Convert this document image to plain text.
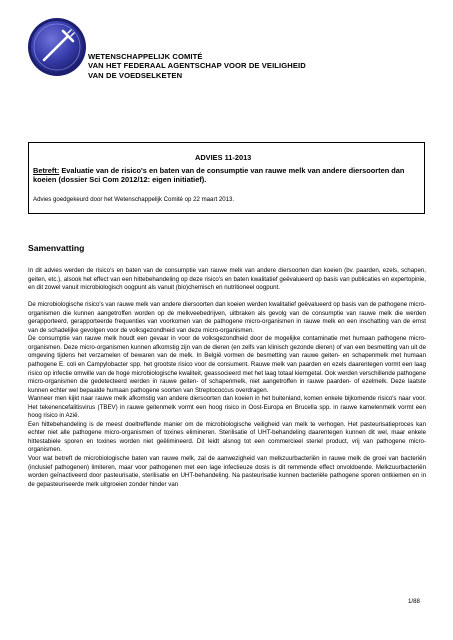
WETENSCHAPPELIJK COMITÉ
VAN HET FEDERAAL AGENTSCHAP VOOR DE VEILIGHEID
VAN DE VOEDSELKETEN
ADVIES 11-2013
Betreft: Evaluatie van de risico's en baten van de consumptie van rauwe melk van andere diersoorten dan koeien (dossier Sci Com 2012/12: eigen initiatief).
Advies goedgekeurd door het Wetenschappelijk Comité op 22 maart 2013.
Samenvatting

In dit advies werden de risico's en baten van de consumptie van rauwe melk van andere diersoorten dan koeien (bv. paarden, ezels, schapen, geiten, etc.), alsook het effect van een hittebehandeling op deze risico's en baten kwalitatief geëvalueerd op basis van publicaties en expertopinie, en dit zowel vanuit microbiologisch oogpunt als vanuit (bio)chemisch en nutritioneel oogpunt.

De microbiologische risico's van rauwe melk van andere diersoorten dan koeien werden kwalitatief geëvalueerd op basis van de pathogene micro-organismen die kunnen aangetroffen worden op de melkveebedrijven, uitbraken als gevolg van de consumptie van rauwe melk die werden gerapporteerd, gerapporteerde frequenties van voorkomen van de pathogene micro-organismen in rauwe melk en een inschatting van de ernst van de schadelijke gevolgen voor de volksgezondheid van deze micro-organismen.

De consumptie van rauwe melk houdt een gevaar in voor de volksgezondheid door de mogelijke contaminatie met humaan pathogene micro-organismen. Deze micro-organismen kunnen afkomstig zijn van de dieren (en zelfs van klinisch gezonde dieren) of van een besmetting van uit de omgeving tijdens het verzamelen of bewaren van de melk. In België vormen de besmetting van rauwe geiten- en schapenmelk met humaan pathogene E. coli en Campylobacter spp. het grootste risico voor de consument. Rauwe melk van paarden en ezels daarentegen vormt een laag risico op infectie omwille van de hoge microbiologische kwaliteit, geassocieerd met het laag totaal kiemgetal. Ook werden verschillende pathogene micro-organismen die gedetecteerd werden in rauwe geiten- of schapenmelk, niet aangetroffen in rauwe paarden- of ezelmelk. Deze laatste kunnen echter wel bepaalde humaan pathogene soorten van Streptococcus overdragen.

Wanneer men kijkt naar rauwe melk afkomstig van andere diersoorten dan koeien in het buitenland, komen enkele bijkomende risico's naar voor. Het tekenencefalitisvirus (TBEV) in rauwe geitenmelk vormt een hoog risico in Oost-Europa en Brucella spp. in rauwe kamelenmelk vormt een hoog risico in Azië.

Een hittebehandeling is de meest doeltreffende manier om de microbiologische veiligheid van melk te verhogen. Het pasteurisatieproces kan echter niet alle pathogene micro-organismen of toxines elimineren. Sterilisatie of UHT-behandeling daarentegen kunnen dit wel, maar enkele hittestabiele sporen en toxines worden niet geëlimineerd. Dit leidt alsnog tot een commercieel steriel product, vrij van pathogene micro-organismen.

Voor wat betreft de microbiologische baten van rauwe melk, zal de aanwezigheid van melkzuurbacteriën in rauwe melk de groei van bacteriën (inclusief pathogenen) limiteren, maar voor pathogenen met een lage infectieuze dosis is dit remmende effect onvoldoende. Melkzuurbacteriën worden geïnactiveerd door pasteurisatie, sterilisatie en UHT-behandeling. Na pasteurisatie kunnen bacteriële pathogene sporen ontkiemen en in de gepasteuriseerde melk uitgroeien zonder hinder van

1/88
